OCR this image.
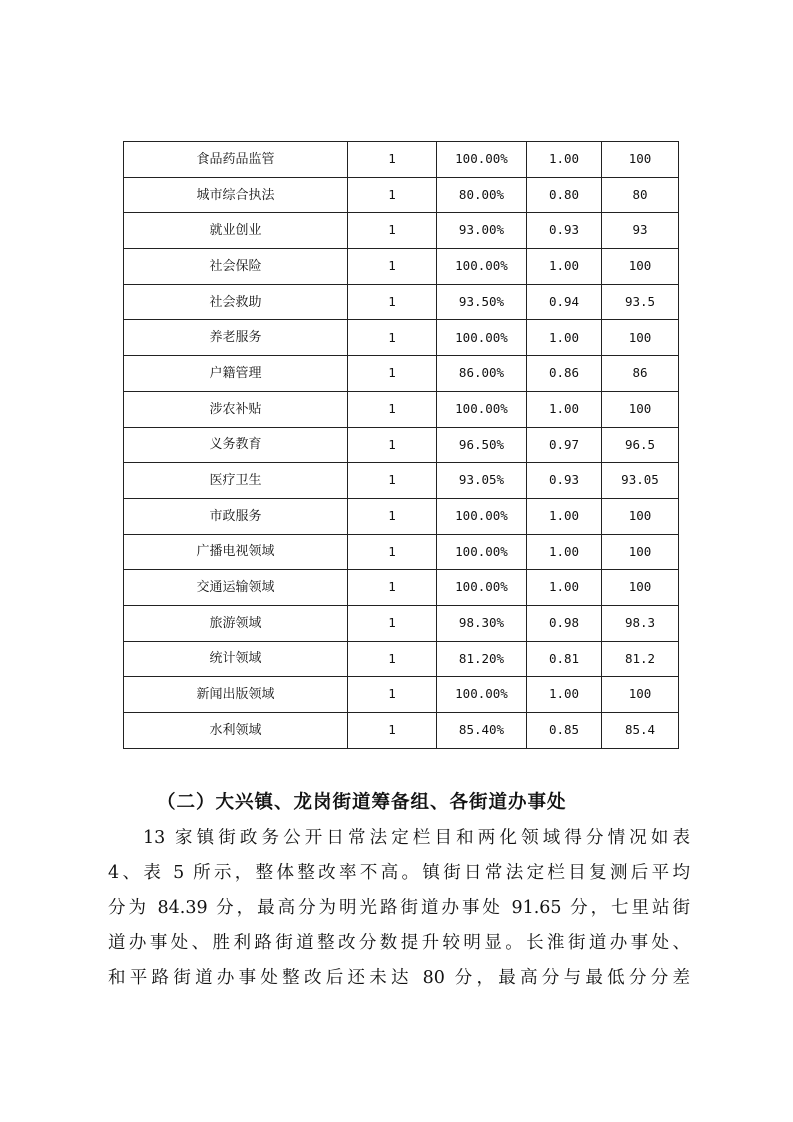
食品药品监管	1	100.00%	1.00	100
城市综合执法	1	80.00%	0.80	80
就业创业	1	93.00%	0.93	93
社会保险	1	100.00%	1.00	100
社会救助	1	93.50%	0.94	93.5
养老服务	1	100.00%	1.00	100
户籍管理	1	86.00%	0.86	86
涉农补贴	1	100.00%	1.00	100
义务教育	1	96.50%	0.97	96.5
医疗卫生	1	93.05%	0.93	93.05
市政服务	1	100.00%	1.00	100
广播电视领域	1	100.00%	1.00	100
交通运输领域	1	100.00%	1.00	100
旅游领域	1	98.30%	0.98	98.3
统计领域	1	81.20%	0.81	81.2
新闻出版领域	1	100.00%	1.00	100
水利领域	1	85.40%	0.85	85.4
（二）大兴镇、龙岗街道筹备组、各街道办事处
13 家镇街政务公开日常法定栏目和两化领域得分情况如表
4、表 5 所示，整体整改率不高。镇街日常法定栏目复测后平均
分为 84.39 分，最高分为明光路街道办事处 91.65 分，七里站街
道办事处、胜利路街道整改分数提升较明显。长淮街道办事处、
和平路街道办事处整改后还未达 80 分，最高分与最低分分差
